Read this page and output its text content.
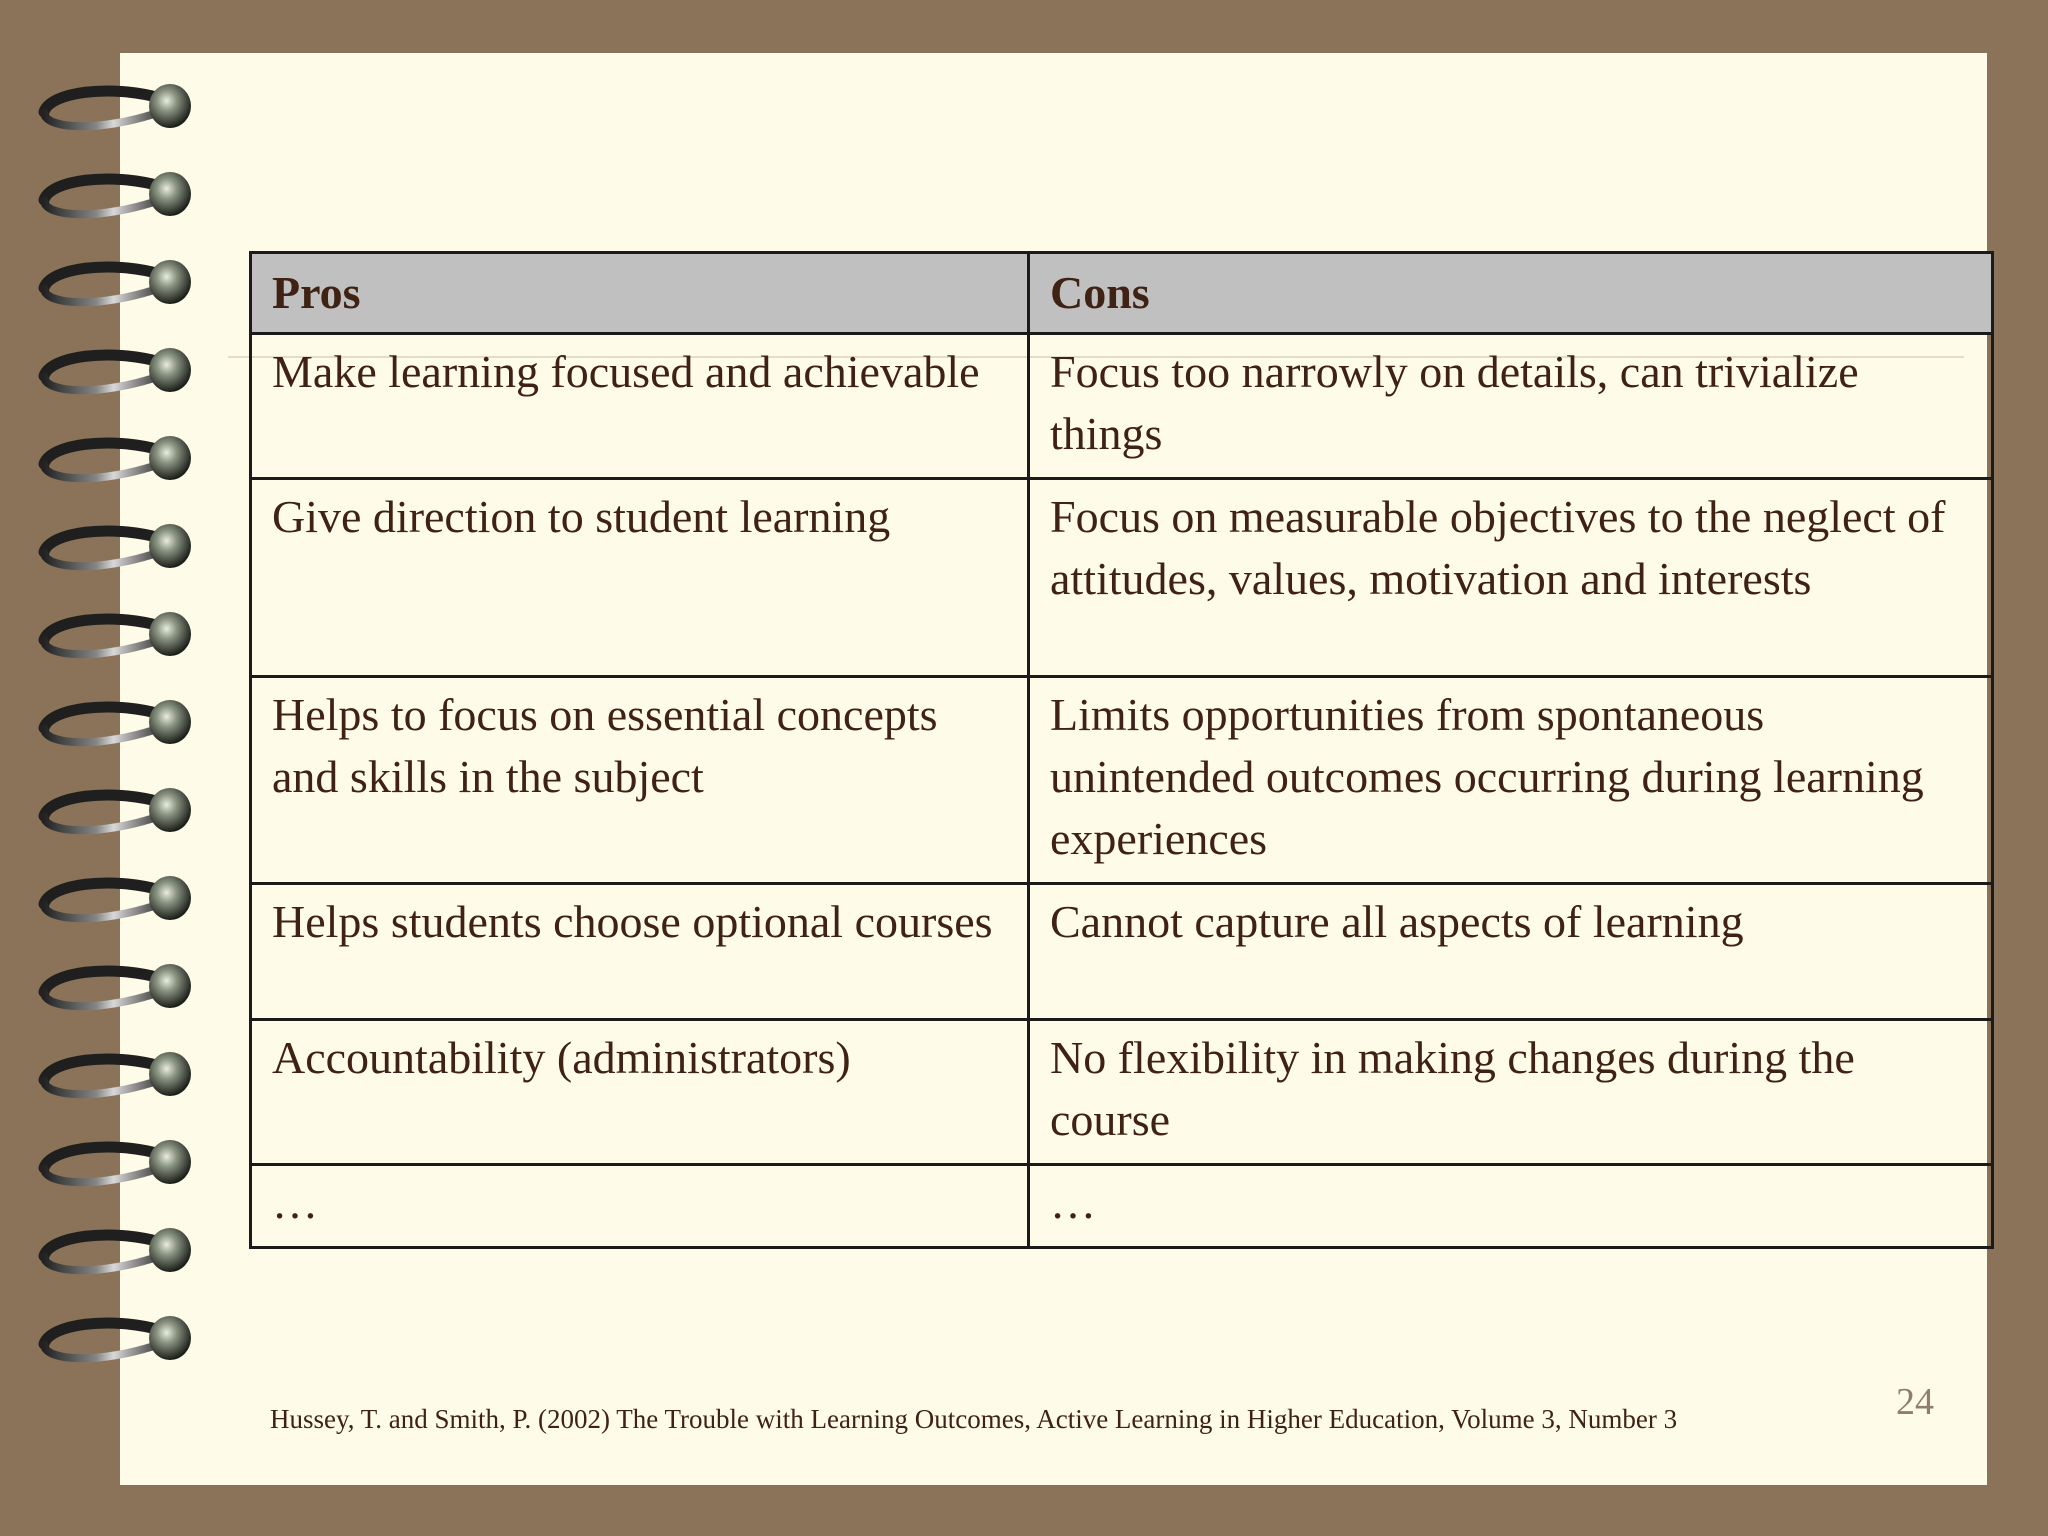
Pros	Cons
Make learning focused and achievable	Focus too narrowly on details, can trivialize things
Give direction to student learning	Focus on measurable objectives to the neglect of attitudes, values, motivation and interests
Helps to focus on essential concepts and skills in the subject	Limits opportunities from spontaneous unintended outcomes occurring during learning experiences
Helps students choose optional courses	Cannot capture all aspects of learning
Accountability (administrators)	No flexibility in making changes during the course
…	…
Hussey, T. and Smith, P. (2002) The Trouble with Learning Outcomes, Active Learning in Higher Education, Volume 3, Number 3	24
